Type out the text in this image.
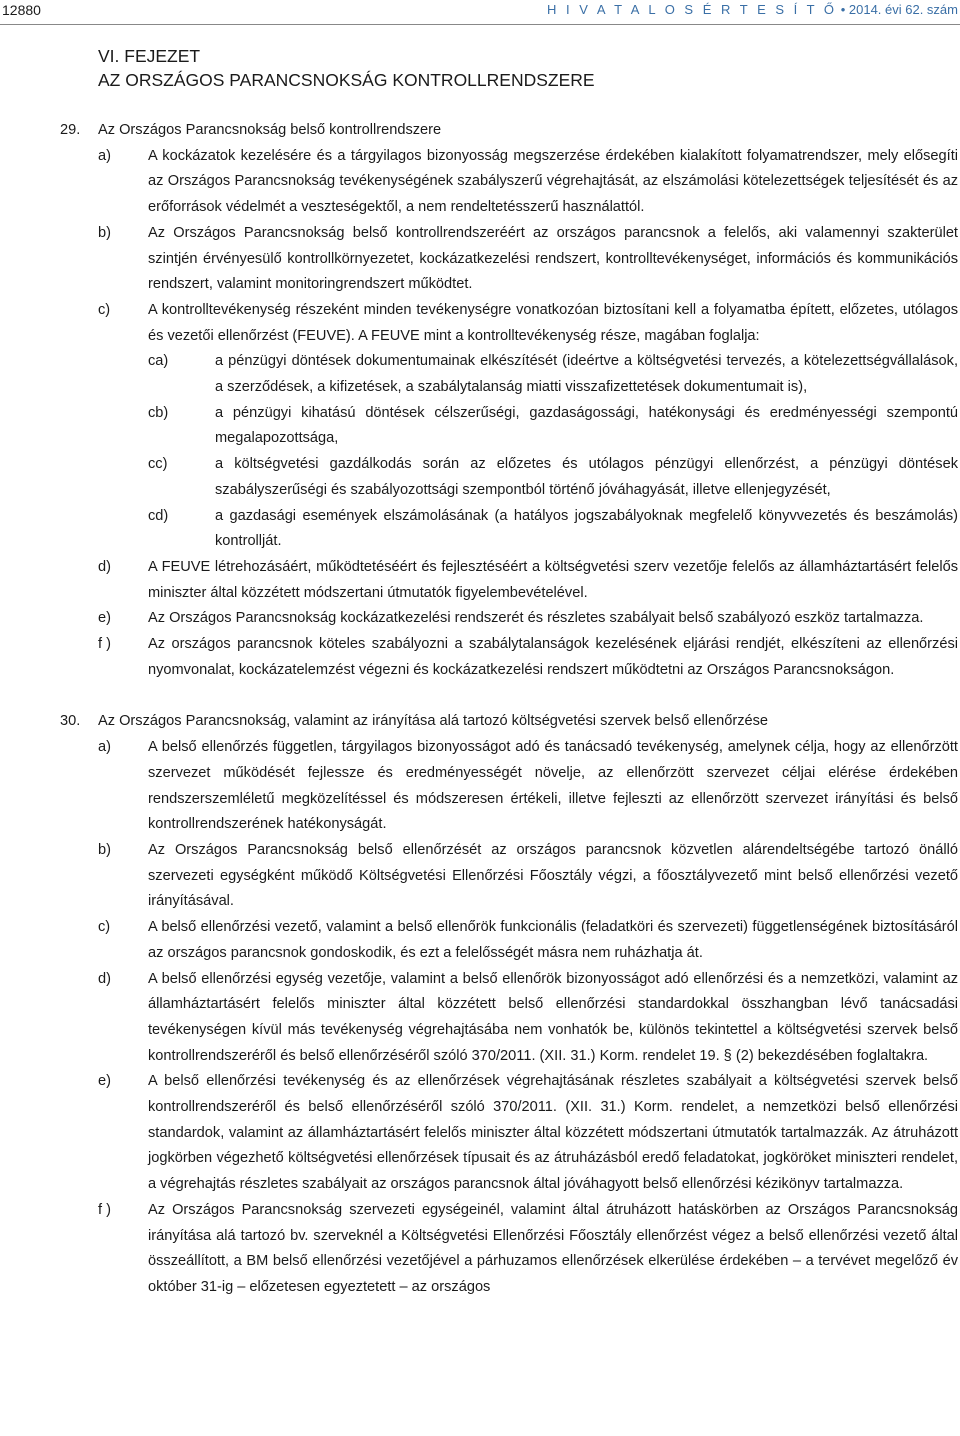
12880	H I V A T A L O S É R T E S Í T Ő • 2014. évi 62. szám
VI. FEJEZET
AZ ORSZÁGOS PARANCSNOKSÁG KONTROLLRENDSZERE
29. Az Országos Parancsnokság belső kontrollrendszere
a)	A kockázatok kezelésére és a tárgyilagos bizonyosság megszerzése érdekében kialakított folyamatrendszer, mely elősegíti az Országos Parancsnokság tevékenységének szabályszerű végrehajtását, az elszámolási kötelezettségek teljesítését és az erőforrások védelmét a veszteségektől, a nem rendeltetésszerű használattól.
b)	Az Országos Parancsnokság belső kontrollrendszeréért az országos parancsnok a felelős, aki valamennyi szakterület szintjén érvényesülő kontrollkörnyezetet, kockázatkezelési rendszert, kontrolltevékenységet, információs és kommunikációs rendszert, valamint monitoringrendszert működtet.
c)	A kontrolltevékenység részeként minden tevékenységre vonatkozóan biztosítani kell a folyamatba épített, előzetes, utólagos és vezetői ellenőrzést (FEUVE). A FEUVE mint a kontrolltevékenység része, magában foglalja:
ca)	a pénzügyi döntések dokumentumainak elkészítését (ideértve a költségvetési tervezés, a kötelezettségvállalások, a szerződések, a kifizetések, a szabálytalanság miatti visszafizettetések dokumentumait is),
cb)	a pénzügyi kihatású döntések célszerűségi, gazdaságossági, hatékonysági és eredményességi szempontú megalapozottsága,
cc)	a költségvetési gazdálkodás során az előzetes és utólagos pénzügyi ellenőrzést, a pénzügyi döntések szabályszerűségi és szabályozottsági szempontból történő jóváhagyását, illetve ellenjegyzését,
cd)	a gazdasági események elszámolásának (a hatályos jogszabályoknak megfelelő könyvvezetés és beszámolás) kontrollját.
d)	A FEUVE létrehozásáért, működtetéséért és fejlesztéséért a költségvetési szerv vezetője felelős az államháztartásért felelős miniszter által közzétett módszertani útmutatók figyelembevételével.
e)	Az Országos Parancsnokság kockázatkezelési rendszerét és részletes szabályait belső szabályozó eszköz tartalmazza.
f )	Az országos parancsnok köteles szabályozni a szabálytalanságok kezelésének eljárási rendjét, elkészíteni az ellenőrzési nyomvonalat, kockázatelemzést végezni és kockázatkezelési rendszert működtetni az Országos Parancsnokságon.
30. Az Országos Parancsnokság, valamint az irányítása alá tartozó költségvetési szervek belső ellenőrzése
a)	A belső ellenőrzés független, tárgyilagos bizonyosságot adó és tanácsadó tevékenység, amelynek célja, hogy az ellenőrzött szervezet működését fejlessze és eredményességét növelje, az ellenőrzött szervezet céljai elérése érdekében rendszerszemléletű megközelítéssel és módszeresen értékeli, illetve fejleszti az ellenőrzött szervezet irányítási és belső kontrollrendszerének hatékonyságát.
b)	Az Országos Parancsnokság belső ellenőrzését az országos parancsnok közvetlen alárendeltségébe tartozó önálló szervezeti egységként működő Költségvetési Ellenőrzési Főosztály végzi, a főosztályvezető mint belső ellenőrzési vezető irányításával.
c)	A belső ellenőrzési vezető, valamint a belső ellenőrök funkcionális (feladatköri és szervezeti) függetlenségének biztosításáról az országos parancsnok gondoskodik, és ezt a felelősségét másra nem ruházhatja át.
d)	A belső ellenőrzési egység vezetője, valamint a belső ellenőrök bizonyosságot adó ellenőrzési és a nemzetközi, valamint az államháztartásért felelős miniszter által közzétett belső ellenőrzési standardokkal összhangban lévő tanácsadási tevékenységen kívül más tevékenység végrehajtásába nem vonhatók be, különös tekintettel a költségvetési szervek belső kontrollrendszeréről és belső ellenőrzéséről szóló 370/2011. (XII. 31.) Korm. rendelet 19. § (2) bekezdésében foglaltakra.
e)	A belső ellenőrzési tevékenység és az ellenőrzések végrehajtásának részletes szabályait a költségvetési szervek belső kontrollrendszeréről és belső ellenőrzéséről szóló 370/2011. (XII. 31.) Korm. rendelet, a nemzetközi belső ellenőrzési standardok, valamint az államháztartásért felelős miniszter által közzétett módszertani útmutatók tartalmazzák. Az átruházott jogkörben végezhető költségvetési ellenőrzések típusait és az átruházásból eredő feladatokat, jogköröket miniszteri rendelet, a végrehajtás részletes szabályait az országos parancsnok által jóváhagyott belső ellenőrzési kézikönyv tartalmazza.
f )	Az Országos Parancsnokság szervezeti egységeinél, valamint által átruházott hatáskörben az Országos Parancsnokság irányítása alá tartozó bv. szerveknél a Költségvetési Ellenőrzési Főosztály ellenőrzést végez a belső ellenőrzési vezető által összeállított, a BM belső ellenőrzési vezetőjével a párhuzamos ellenőrzések elkerülése érdekében – a tervévet megelőző év október 31-ig – előzetesen egyeztetett – az országos
